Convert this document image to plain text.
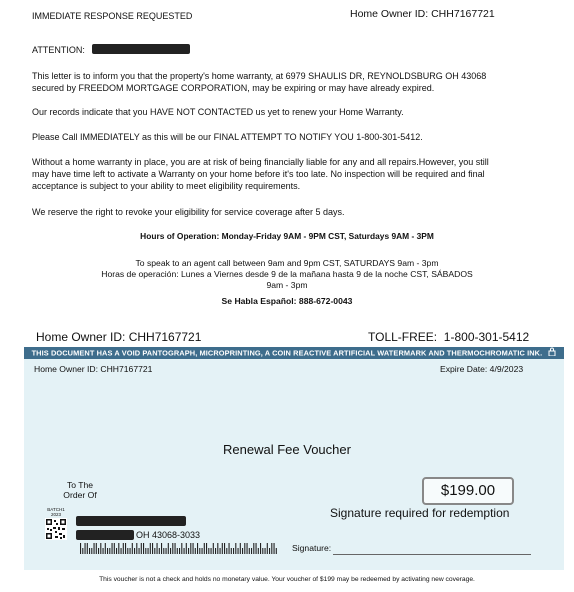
IMMEDIATE RESPONSE REQUESTED	Home Owner ID: CHH7167721
ATTENTION:

This letter is to inform you that the property's home warranty, at 6979 SHAULIS DR, REYNOLDSBURG OH 43068

secured by FREEDOM MORTGAGE CORPORATION, may be expiring or may have already expired.

Our records indicate that you HAVE NOT CONTACTED us yet to renew your Home Warranty.

Please Call IMMEDIATELY as this will be our FINAL ATTEMPT TO NOTIFY YOU 1-800-301-5412.

Without a home warranty in place, you are at risk of being financially liable for any and all repairs.However, you still

may have time left to activate a Warranty on your home before it's too late. No inspection will be required and final

acceptance is subject to your ability to meet eligibility requirements.

We reserve the right to revoke your eligibility for service coverage after 5 days.

Hours of Operation: Monday-Friday 9AM - 9PM CST, Saturdays 9AM - 3PM
To speak to an agent call between 9am and 9pm CST, SATURDAYS 9am - 3pm
Horas de operación: Lunes a Viernes desde 9 de la mañana hasta 9 de la noche CST, SÁBADOS
9am - 3pm
Se Habla Español: 888-672-0043
Home Owner ID: CHH7167721	TOLL-FREE:  1-800-301-5412
THIS DOCUMENT HAS A VOID PANTOGRAPH, MICROPRINTING, A COIN REACTIVE ARTIFICIAL WATERMARK AND THERMOCHROMATIC INK.
Home Owner ID: CHH7167721	Expire Date: 4/9/2023
Renewal Fee Voucher
To The
Order Of	$199.00
Signature required for redemption
BATCH1
2023
OH 43068-3033
Signature:
This voucher is not a check and holds no monetary value. Your voucher of $199 may be redeemed by activating new coverage.
